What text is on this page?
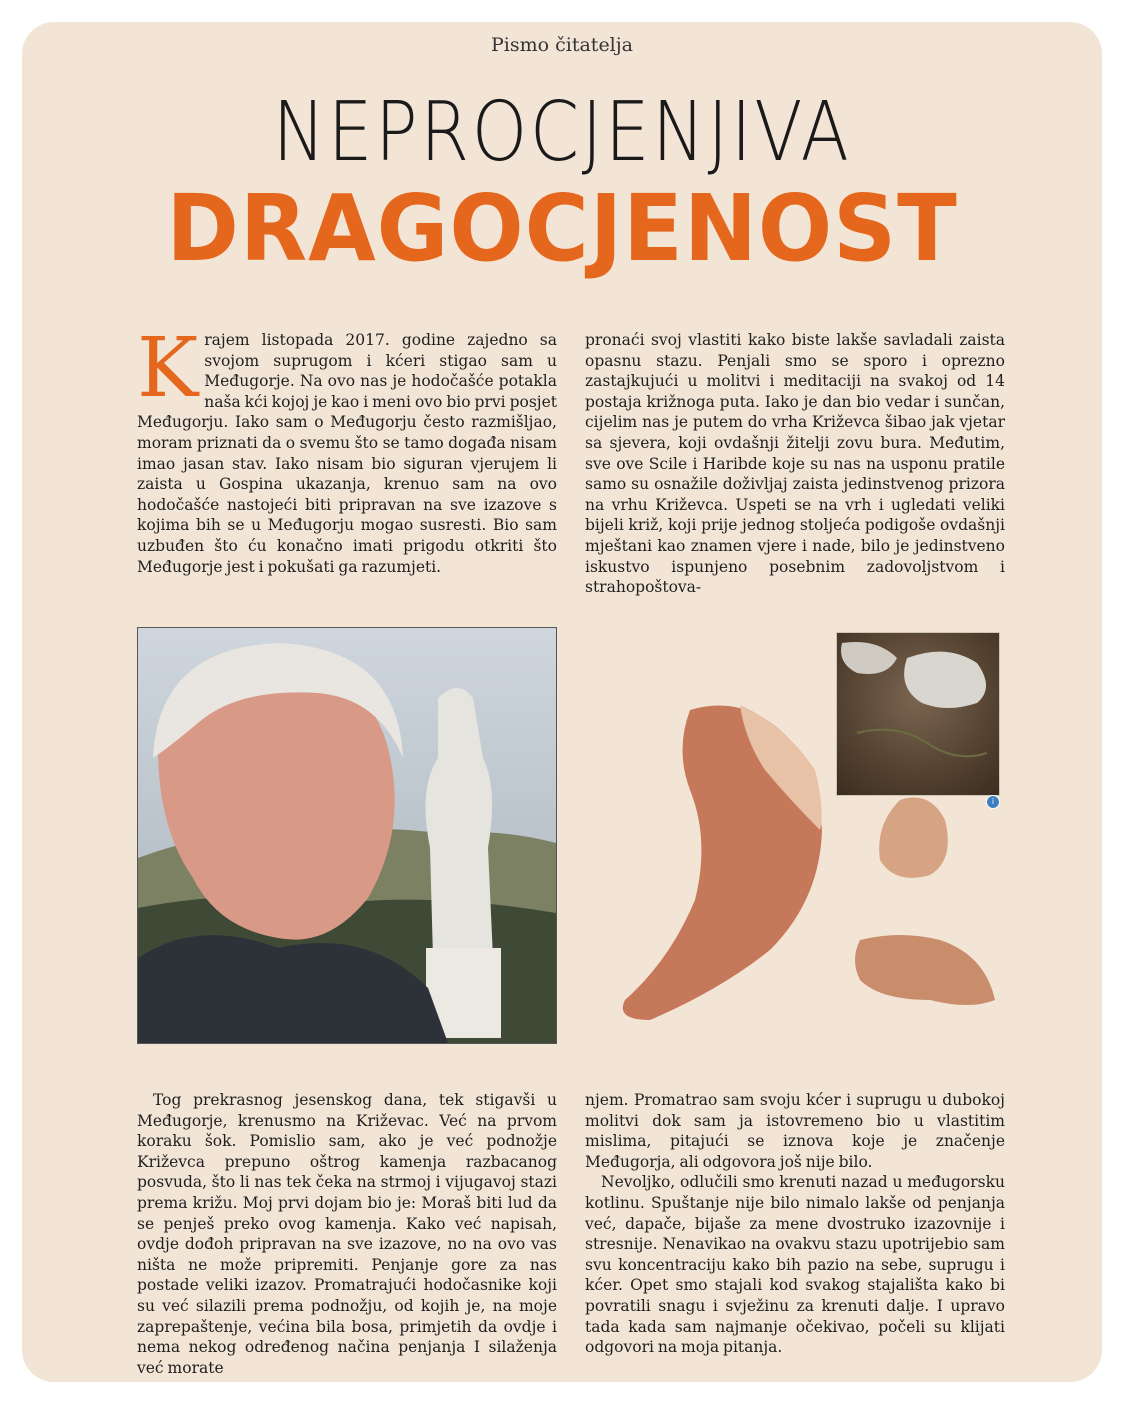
Pismo čitatelja
NEPROCJENJIVA
DRAGOCJENOST
K rajem listopada 2017. godine zajedno sa svojom suprugom i kćeri stigao sam u Međugorje. Na ovo nas je hodočašće potakla naša kći kojoj je kao i meni ovo bio prvi posjet Međugorju. Iako sam o Međugorju često razmišljao, moram priznati da o svemu što se tamo događa nisam imao jasan stav. Iako nisam bio siguran vjerujem li zaista u Gospina ukazanja, krenuo sam na ovo hodočašće nastojeći biti pripravan na sve izazove s kojima bih se u Međugorju mogao susresti. Bio sam uzbuđen što ću konačno imati prigodu otkriti što Međugorje jest i pokušati ga razumjeti.

pronaći svoj vlastiti kako biste lakše savladali zaista opasnu stazu. Penjali smo se sporo i oprezno zastajkujući u molitvi i meditaciji na svakoj od 14 postaja križnoga puta. Iako je dan bio vedar i sunčan, cijelim nas je putem do vrha Križevca šibao jak vjetar sa sjevera, koji ovdašnji žitelji zovu bura. Međutim, sve ove Scile i Haribde koje su nas na usponu pratile samo su osnažile doživljaj zaista jedinstvenog prizora na vrhu Križevca. Uspeti se na vrh i ugledati veliki bijeli križ, koji prije jednog stoljeća podigoše ovdašnji mještani kao znamen vjere i nade, bilo je jedinstveno iskustvo ispunjeno posebnim zadovoljstvom i strahopoštova-

i

Tog prekrasnog jesenskog dana, tek stigavši u Međugorje, krenusmo na Križevac. Već na prvom koraku šok. Pomislio sam, ako je već podnožje Križevca prepuno oštrog kamenja razbacanog posvuda, što li nas tek čeka na strmoj i vijugavoj stazi prema križu. Moj prvi dojam bio je: Moraš biti lud da se penješ preko ovog kamenja. Kako već napisah, ovdje dođoh pripravan na sve izazove, no na ovo vas ništa ne može pripremiti. Penjanje gore za nas postade veliki izazov. Promatrajući hodočasnike koji su već silazili prema podnožju, od kojih je, na moje zaprepaštenje, većina bila bosa, primjetih da ovdje i nema nekog određenog načina penjanja I silaženja već morate

njem. Promatrao sam svoju kćer i suprugu u dubokoj molitvi dok sam ja istovremeno bio u vlastitim mislima, pitajući se iznova koje je značenje Međugorja, ali odgovora još nije bilo.

Nevoljko, odlučili smo krenuti nazad u međugorsku kotlinu. Spuštanje nije bilo nimalo lakše od penjanja već, dapače, bijaše za mene dvostruko izazovnije i stresnije. Nenavikao na ovakvu stazu upotrijebio sam svu koncentraciju kako bih pazio na sebe, suprugu i kćer. Opet smo stajali kod svakog stajališta kako bi povratili snagu i svježinu za krenuti dalje. I upravo tada kada sam najmanje očekivao, počeli su klijati odgovori na moja pitanja.
